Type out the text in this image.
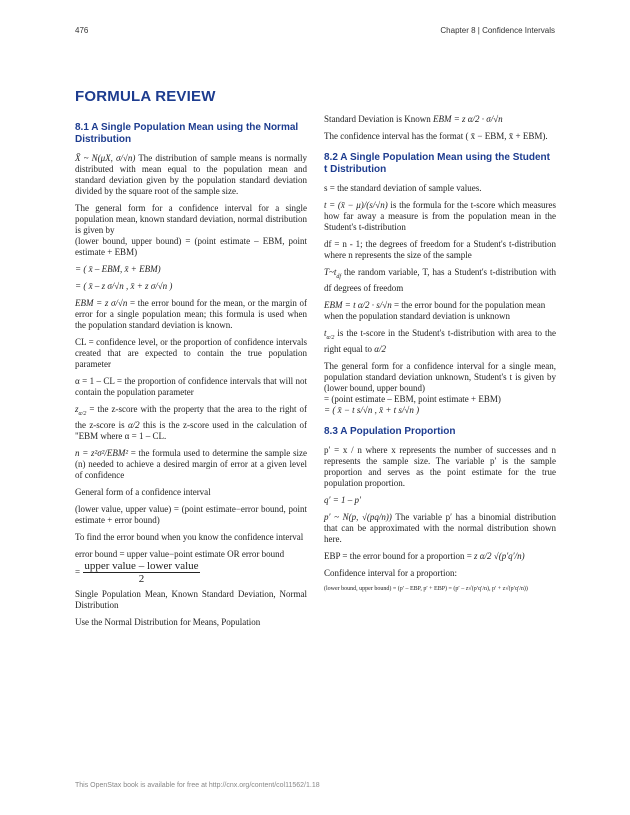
476	Chapter 8 | Confidence Intervals
FORMULA REVIEW
8.1 A Single Population Mean using the Normal Distribution

X̄ ~ N(μX, σ/√n) The distribution of sample means is normally distributed with mean equal to the population mean and standard deviation given by the population standard deviation divided by the square root of the sample size.

The general form for a confidence interval for a single population mean, known standard deviation, normal distribution is given by
(lower bound, upper bound) = (point estimate – EBM, point estimate + EBM)

= ( x̄ – EBM, x̄ + EBM)

= ( x̄ – z σ/√n , x̄ + z σ/√n )

EBM = z σ/√n = the error bound for the mean, or the margin of error for a single population mean; this formula is used when the population standard deviation is known.

CL = confidence level, or the proportion of confidence intervals created that are expected to contain the true population parameter

α = 1 – CL = the proportion of confidence intervals that will not contain the population parameter

$z_{\alpha/2}$ = the z-score with the property that the area to the right of the z-score is α/2 this is the z-score used in the calculation of "EBM where α = 1 – CL.

n = z²σ²/EBM² = the formula used to determine the sample size (n) needed to achieve a desired margin of error at a given level of confidence

General form of a confidence interval

(lower value, upper value) = (point estimate−error bound, point estimate + error bound)

To find the error bound when you know the confidence interval

error bound = upper value−point estimate OR error bound
= $\frac{\text{upper value – lower value}}{2}$

Single Population Mean, Known Standard Deviation, Normal Distribution

Use the Normal Distribution for Means, Population

Standard Deviation is Known EBM = z α/2 · σ/√n

The confidence interval has the format ( x̄ − EBM, x̄ + EBM).

8.2 A Single Population Mean using the Student t Distribution

s = the standard deviation of sample values.

t = (x̄ − μ)/(s/√n) is the formula for the t-score which measures how far away a measure is from the population mean in the Student's t-distribution

df = n - 1; the degrees of freedom for a Student's t-distribution where n represents the size of the sample

$T\sim t_{df}$ the random variable, T, has a Student's t-distribution with df degrees of freedom

EBM = t α/2 · s/√n = the error bound for the population mean
when the population standard deviation is unknown

$t_{\alpha/2}$ is the t-score in the Student's t-distribution with area to the right equal to α/2

The general form for a confidence interval for a single mean, population standard deviation unknown, Student's t is given by (lower bound, upper bound)
= (point estimate – EBM, point estimate + EBM)
= ( x̄ − t s/√n , x̄ + t s/√n )

8.3 A Population Proportion

p′ = x / n where x represents the number of successes and n represents the sample size. The variable p′ is the sample proportion and serves as the point estimate for the true population proportion.

q′ = 1 – p′

p′ ~ N(p, √(pq/n)) The variable p′ has a binomial distribution that can be approximated with the normal distribution shown here.

EBP = the error bound for a proportion = z α/2 √(p′q′/n)

Confidence interval for a proportion:

(lower bound, upper bound) = (p′ – EBP, p′ + EBP) = (p′ – z√(p′q′/n), p′ + z√(p′q′/n))

This OpenStax book is available for free at http://cnx.org/content/col11562/1.18
